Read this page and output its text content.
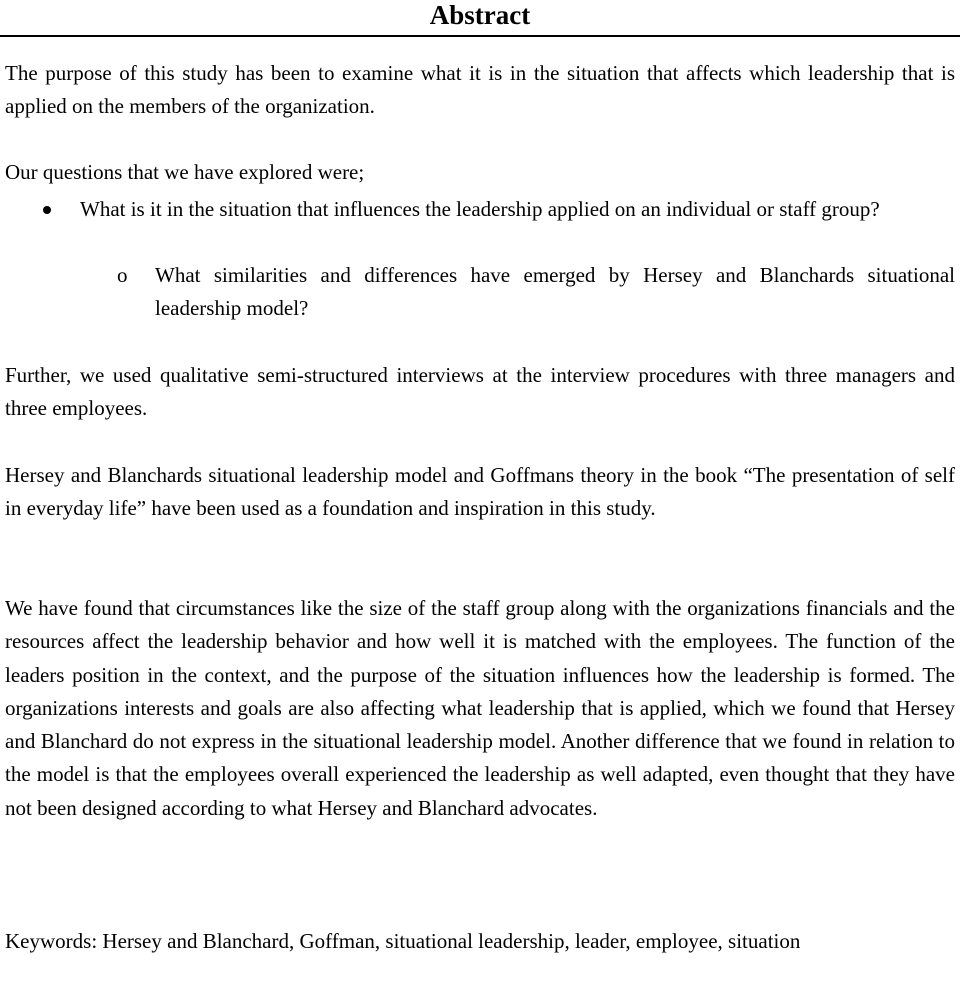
Abstract

The purpose of this study has been to examine what it is in the situation that affects which leadership that is applied on the members of the organization.

Our questions that we have explored were;

What is it in the situation that influences the leadership applied on an individual or staff group?
o What similarities and differences have emerged by Hersey and Blanchards situational leadership model?

Further, we used qualitative semi-structured interviews at the interview procedures with three managers and three employees.

Hersey and Blanchards situational leadership model and Goffmans theory in the book “The presentation of self in everyday life” have been used as a foundation and inspiration in this study.

We have found that circumstances like the size of the staff group along with the organizations financials and the resources affect the leadership behavior and how well it is matched with the employees. The function of the leaders position in the context, and the purpose of the situation influences how the leadership is formed. The organizations interests and goals are also affecting what leadership that is applied, which we found that Hersey and Blanchard do not express in the situational leadership model. Another difference that we found in relation to the model is that the employees overall experienced the leadership as well adapted, even thought that they have not been designed according to what Hersey and Blanchard advocates.

Keywords: Hersey and Blanchard, Goffman, situational leadership, leader, employee, situation
